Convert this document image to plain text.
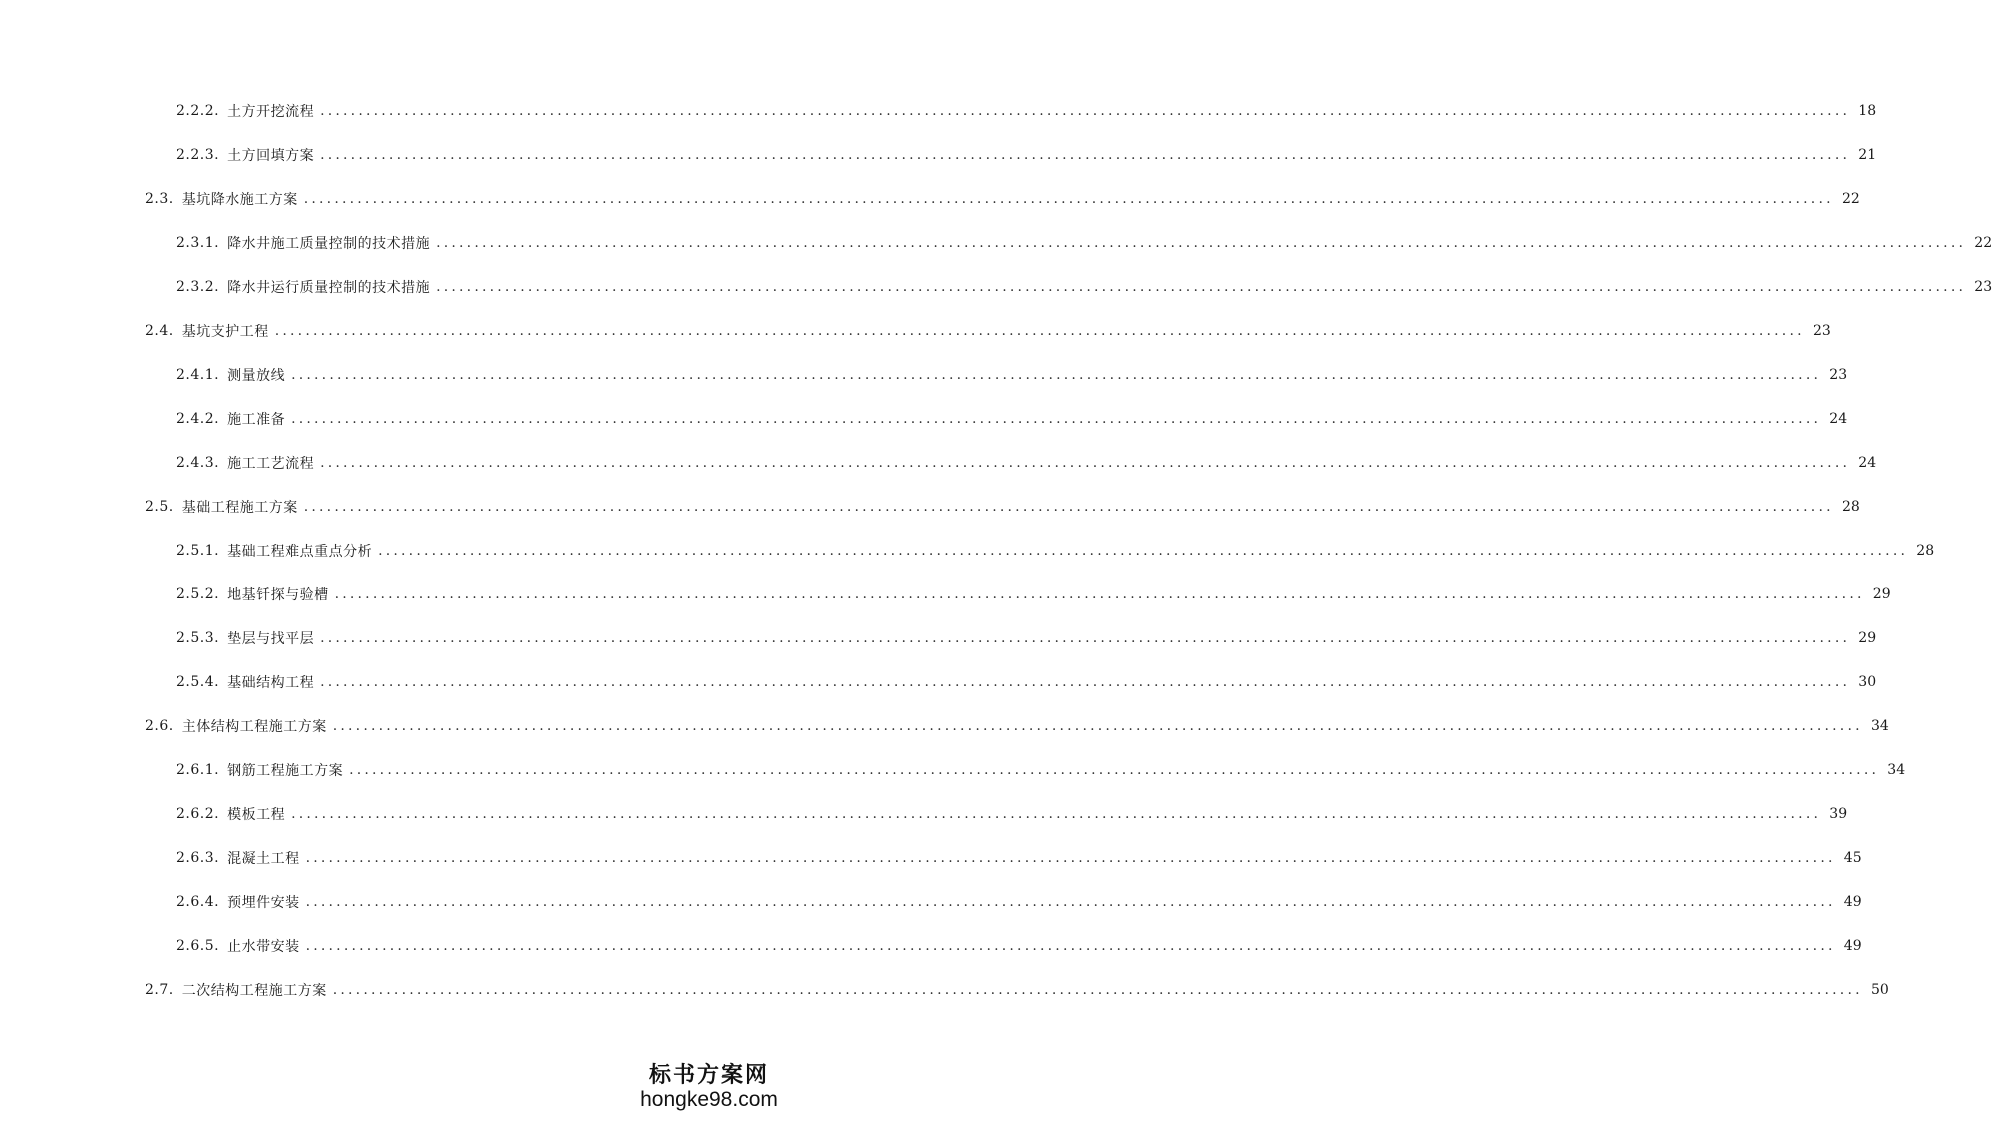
2.2.2. 土方开挖流程 ........................................................................................................................................................................................................ 18
2.2.3. 土方回填方案 ........................................................................................................................................................................................................ 21
2.3. 基坑降水施工方案 ........................................................................................................................................................................................................ 22
2.3.1. 降水井施工质量控制的技术措施 ........................................................................................................................................................................................................ 22
2.3.2. 降水井运行质量控制的技术措施 ........................................................................................................................................................................................................ 23
2.4. 基坑支护工程 ........................................................................................................................................................................................................ 23
2.4.1. 测量放线 ........................................................................................................................................................................................................ 23
2.4.2. 施工准备 ........................................................................................................................................................................................................ 24
2.4.3. 施工工艺流程 ........................................................................................................................................................................................................ 24
2.5. 基础工程施工方案 ........................................................................................................................................................................................................ 28
2.5.1. 基础工程难点重点分析 ........................................................................................................................................................................................................ 28
2.5.2. 地基钎探与验槽 ........................................................................................................................................................................................................ 29
2.5.3. 垫层与找平层 ........................................................................................................................................................................................................ 29
2.5.4. 基础结构工程 ........................................................................................................................................................................................................ 30
2.6. 主体结构工程施工方案 ........................................................................................................................................................................................................ 34
2.6.1. 钢筋工程施工方案 ........................................................................................................................................................................................................ 34
2.6.2. 模板工程 ........................................................................................................................................................................................................ 39
2.6.3. 混凝土工程 ........................................................................................................................................................................................................ 45
2.6.4. 预埋件安装 ........................................................................................................................................................................................................ 49
2.6.5. 止水带安装 ........................................................................................................................................................................................................ 49
2.7. 二次结构工程施工方案 ........................................................................................................................................................................................................ 50
标书方案网
hongke98.com
